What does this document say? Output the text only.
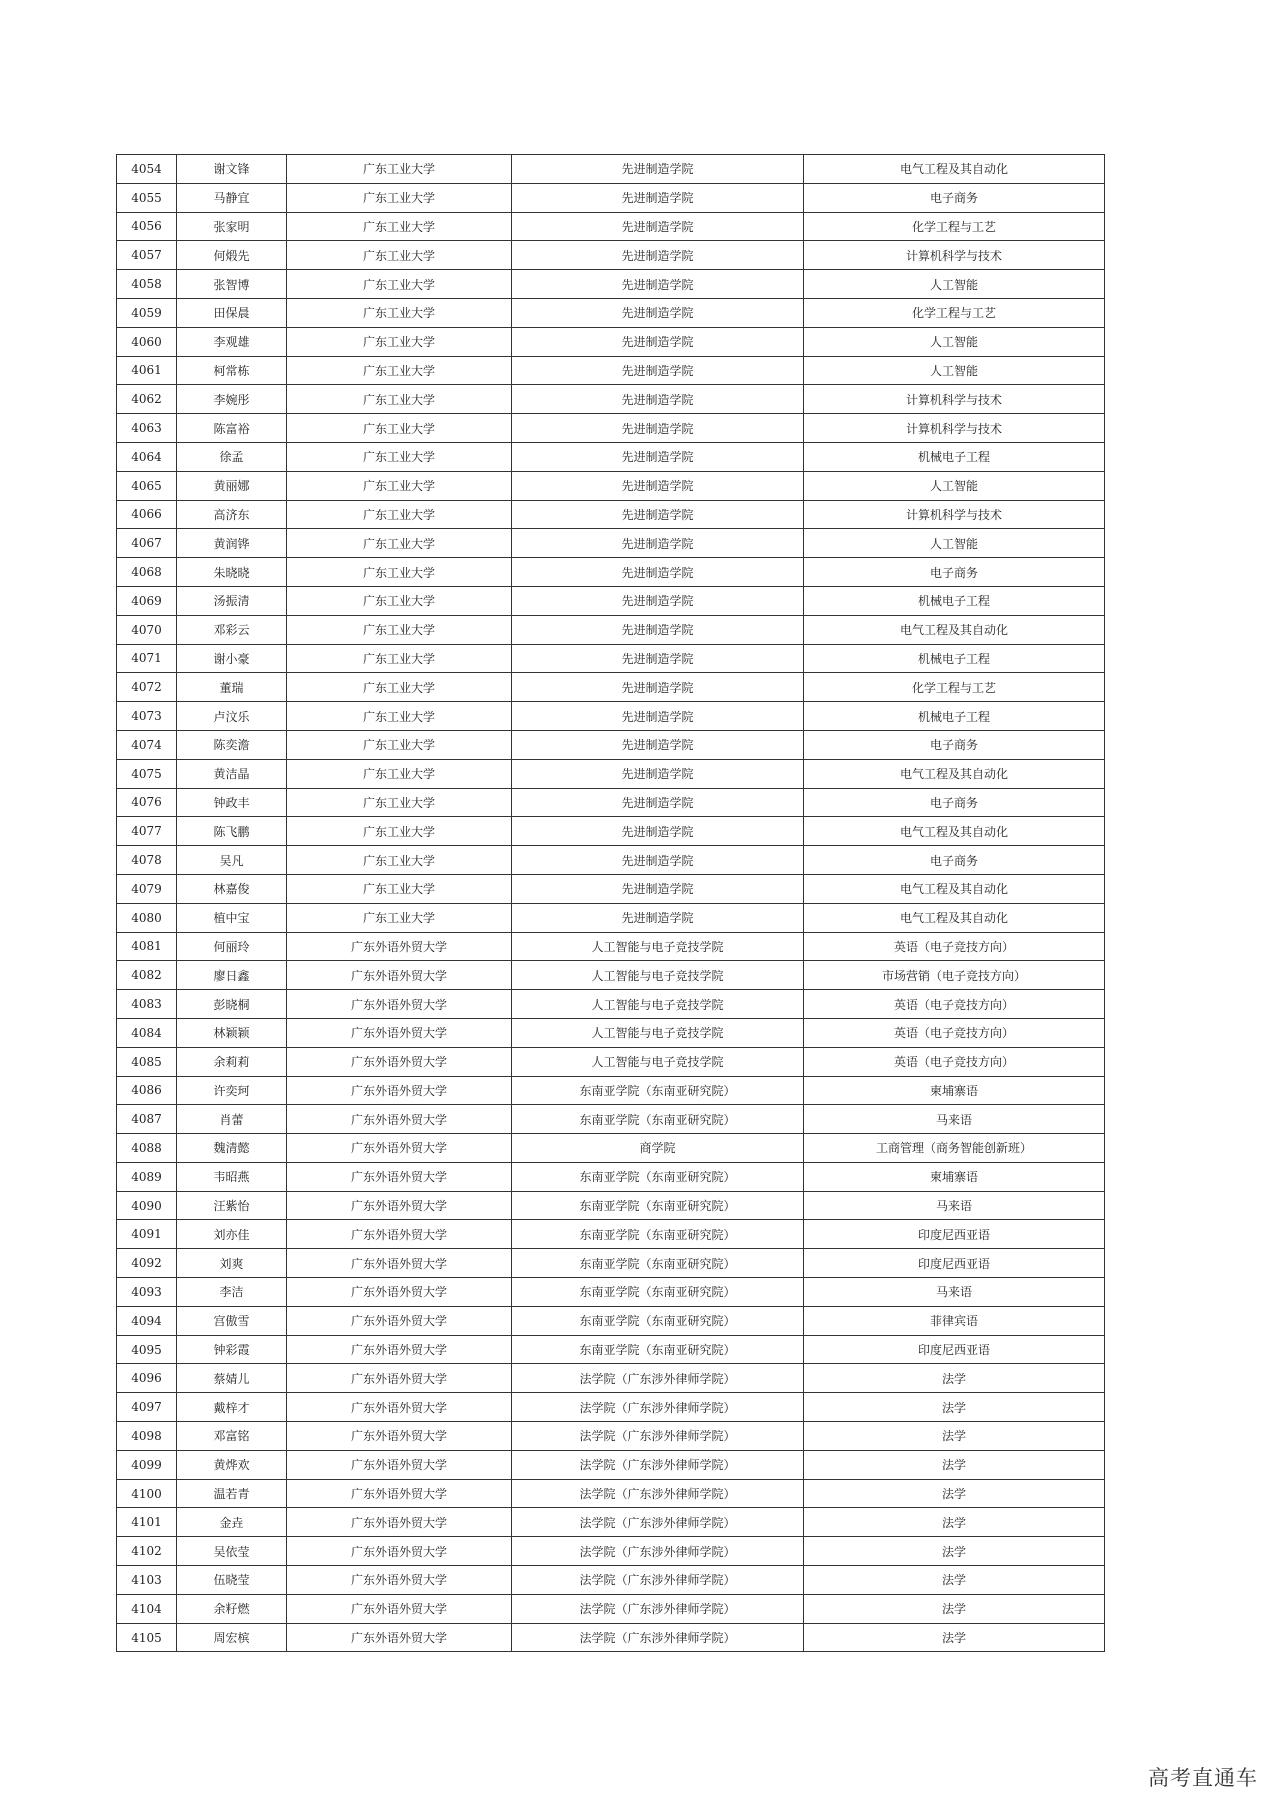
4054	谢文锋	广东工业大学	先进制造学院	电气工程及其自动化
4055	马静宜	广东工业大学	先进制造学院	电子商务
4056	张家明	广东工业大学	先进制造学院	化学工程与工艺
4057	何煅先	广东工业大学	先进制造学院	计算机科学与技术
4058	张智博	广东工业大学	先进制造学院	人工智能
4059	田保晨	广东工业大学	先进制造学院	化学工程与工艺
4060	李观雄	广东工业大学	先进制造学院	人工智能
4061	柯常栋	广东工业大学	先进制造学院	人工智能
4062	李婉彤	广东工业大学	先进制造学院	计算机科学与技术
4063	陈富裕	广东工业大学	先进制造学院	计算机科学与技术
4064	徐孟	广东工业大学	先进制造学院	机械电子工程
4065	黄丽娜	广东工业大学	先进制造学院	人工智能
4066	高济东	广东工业大学	先进制造学院	计算机科学与技术
4067	黄润铧	广东工业大学	先进制造学院	人工智能
4068	朱晓晓	广东工业大学	先进制造学院	电子商务
4069	汤振清	广东工业大学	先进制造学院	机械电子工程
4070	邓彩云	广东工业大学	先进制造学院	电气工程及其自动化
4071	谢小豪	广东工业大学	先进制造学院	机械电子工程
4072	董瑞	广东工业大学	先进制造学院	化学工程与工艺
4073	卢汶乐	广东工业大学	先进制造学院	机械电子工程
4074	陈奕澹	广东工业大学	先进制造学院	电子商务
4075	黄洁晶	广东工业大学	先进制造学院	电气工程及其自动化
4076	钟政丰	广东工业大学	先进制造学院	电子商务
4077	陈飞鹏	广东工业大学	先进制造学院	电气工程及其自动化
4078	吴凡	广东工业大学	先进制造学院	电子商务
4079	林嘉俊	广东工业大学	先进制造学院	电气工程及其自动化
4080	植中宝	广东工业大学	先进制造学院	电气工程及其自动化
4081	何丽玲	广东外语外贸大学	人工智能与电子竞技学院	英语（电子竞技方向）
4082	廖日鑫	广东外语外贸大学	人工智能与电子竞技学院	市场营销（电子竞技方向）
4083	彭晓桐	广东外语外贸大学	人工智能与电子竞技学院	英语（电子竞技方向）
4084	林颖颖	广东外语外贸大学	人工智能与电子竞技学院	英语（电子竞技方向）
4085	余莉莉	广东外语外贸大学	人工智能与电子竞技学院	英语（电子竞技方向）
4086	许奕珂	广东外语外贸大学	东南亚学院（东南亚研究院）	柬埔寨语
4087	肖蕾	广东外语外贸大学	东南亚学院（东南亚研究院）	马来语
4088	魏清懿	广东外语外贸大学	商学院	工商管理（商务智能创新班）
4089	韦昭燕	广东外语外贸大学	东南亚学院（东南亚研究院）	柬埔寨语
4090	汪紫怡	广东外语外贸大学	东南亚学院（东南亚研究院）	马来语
4091	刘亦佳	广东外语外贸大学	东南亚学院（东南亚研究院）	印度尼西亚语
4092	刘爽	广东外语外贸大学	东南亚学院（东南亚研究院）	印度尼西亚语
4093	李洁	广东外语外贸大学	东南亚学院（东南亚研究院）	马来语
4094	宫傲雪	广东外语外贸大学	东南亚学院（东南亚研究院）	菲律宾语
4095	钟彩霞	广东外语外贸大学	东南亚学院（东南亚研究院）	印度尼西亚语
4096	蔡婧儿	广东外语外贸大学	法学院（广东涉外律师学院）	法学
4097	戴梓才	广东外语外贸大学	法学院（广东涉外律师学院）	法学
4098	邓富铭	广东外语外贸大学	法学院（广东涉外律师学院）	法学
4099	黄烨欢	广东外语外贸大学	法学院（广东涉外律师学院）	法学
4100	温若青	广东外语外贸大学	法学院（广东涉外律师学院）	法学
4101	金垚	广东外语外贸大学	法学院（广东涉外律师学院）	法学
4102	吴依莹	广东外语外贸大学	法学院（广东涉外律师学院）	法学
4103	伍晓莹	广东外语外贸大学	法学院（广东涉外律师学院）	法学
4104	余籽燃	广东外语外贸大学	法学院（广东涉外律师学院）	法学
4105	周宏槟	广东外语外贸大学	法学院（广东涉外律师学院）	法学
高考直通车
